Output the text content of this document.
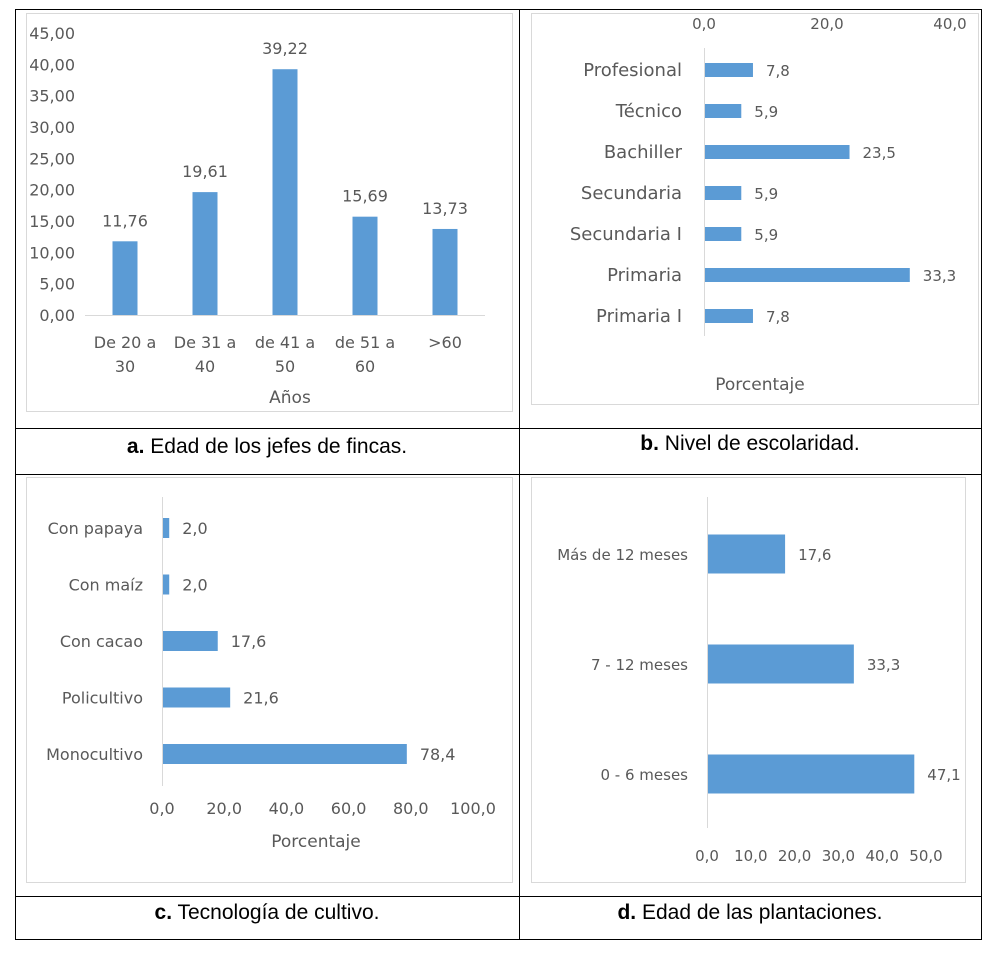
0,00
5,00
10,00
15,00
20,00
25,00
30,00
35,00
40,00
45,00
11,76
19,61
39,22
15,69
13,73
De 20 a
30
De 31 a
40
de 41 a
50
de 51 a
60
>60
Años
0,0	20,0	40,0
7,8
5,9
23,5
5,9
5,9
33,3
7,8
Profesional
Técnico
Bachiller
Secundaria
Secundaria I
Primaria
Primaria I
Porcentaje
0,0 20,0 40,0 60,0 80,0 100,0
2,0
2,0
17,6
21,6
78,4
Con papaya
Con maíz
Con cacao
Policultivo
Monocultivo
Porcentaje
0,0 10,0 20,0 30,0 40,0 50,0
17,6
33,3
47,1
Más de 12 meses
7 - 12 meses
0 - 6 meses
a. Edad de los jefes de fincas.	b. Nivel de escolaridad.
c. Tecnología de cultivo.	d. Edad de las plantaciones.
